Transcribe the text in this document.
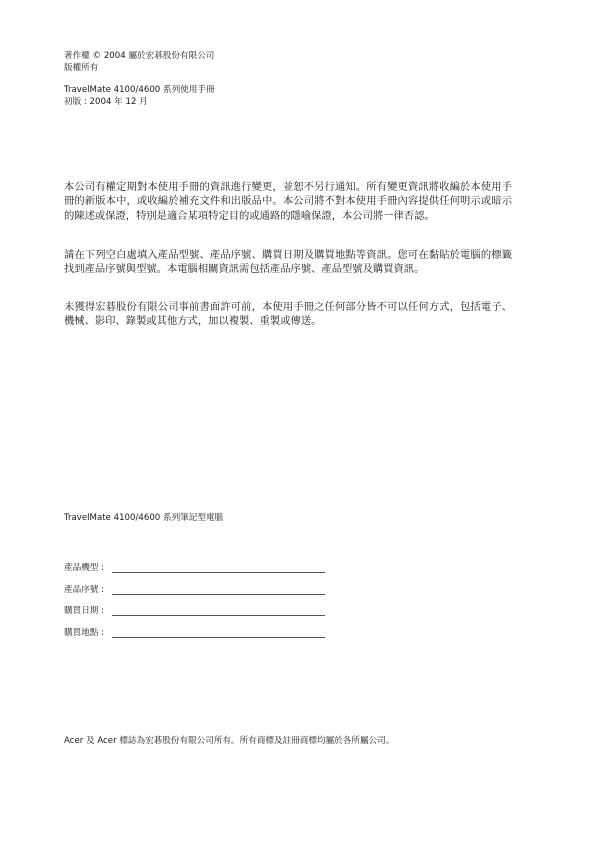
著作權 © 2004 屬於宏碁股份有限公司
版權所有
TravelMate 4100/4600 系列使用手冊
初版 : 2004 年 12 月

本公司有權定期對本使用手冊的資訊進行變更，並恕不另行通知。所有變更資訊將收編於本使用手冊的新版本中，或收編於補充文件和出版品中。本公司將不對本使用手冊內容提供任何明示或暗示的陳述或保證，特別是適合某項特定目的或通路的隱喻保證，本公司將一律否認。

請在下列空白處填入產品型號、產品序號、購買日期及購買地點等資訊。您可在黏貼於電腦的標籤找到產品序號與型號。本電腦相關資訊需包括產品序號、產品型號及購買資訊。

未獲得宏碁股份有限公司事前書面許可前，本使用手冊之任何部分皆不可以任何方式，包括電子、機械、影印、錄製或其他方式，加以複製、重製或傳送。

TravelMate 4100/4600 系列筆記型電腦
產品機型 :
產品序號 :
購買日期 :
購買地點 :
Acer 及 Acer 標誌為宏碁股份有限公司所有。所有商標及註冊商標均屬於各所屬公司。
